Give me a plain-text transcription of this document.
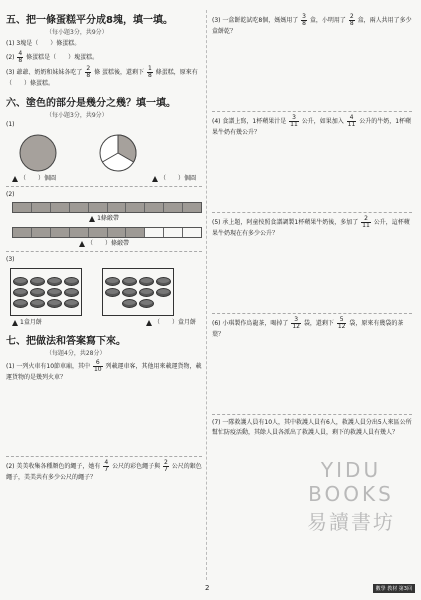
五、把一條蛋糕平分成8塊，填一填。
（每小題3分，共9分）
(1) 3塊是（　　）條蛋糕。
$(2) \frac{4}{8}$ 條蛋糕是（　　）塊蛋糕。
(3) 爺爺、奶奶和妹妹各吃了 $\frac{2}{8}$ 條 蛋糕後，還剩下 $\frac{1}{8}$ 條蛋糕，原來有（　　）條蛋糕。
六、塗色的部分是幾分之幾？填一填。
（每小題3分，共9分）
(1)
（　　）個圓	（　　）個圓
(2)
1條緞帶
（　　）條緞帶
(3)
1盒月餅	（　　）盒月餅
七、把做法和答案寫下來。
（每題4分，共28分）
(1) 一列火車有10節車廂，其中 $\frac{6}{10}$ 列載運車客，其他用來載運貨物，載運貨物的是幾列火車？
(2) 美美收集各種顏色的繩子，她有 $\frac{4}{7}$ 公尺的彩色繩子與 $\frac{2}{7}$ 公尺的銀色繩子，美美共有多少公尺的繩子？

(3) 一盒餅乾試吃8個，媽媽用了 $\frac{3}{8}$ 盒，小明用了 $\frac{2}{8}$ 盒，兩人共用了多少盒餅乾？

(4) 食譜上寫，1杯蘋果汁是 $\frac{3}{11}$ 公升，如果加入 $\frac{4}{11}$ 公升的牛奶，1杯蘋果牛奶有幾公升？

(5) 承上題，阿童按照食譜調製1杯蘋果牛奶後，多加了 $\frac{2}{11}$ 公升，這杯蘋果牛奶現在有多少公升？

(6) 小琪製作烏龍茶，喝掉了 $\frac{3}{12}$ 袋，還剩下 $\frac{5}{12}$ 袋，原來有幾袋的茶葉？

(7) 一隊救護人員有10人，其中救護人員有6人，救護人員分出5人來區公所幫忙防疫活動，其餘人員各派出了救護人員，剩下的救護人員有幾人？

YIDU
BOOKS
易讀書坊
2	數學 教材 第3回
